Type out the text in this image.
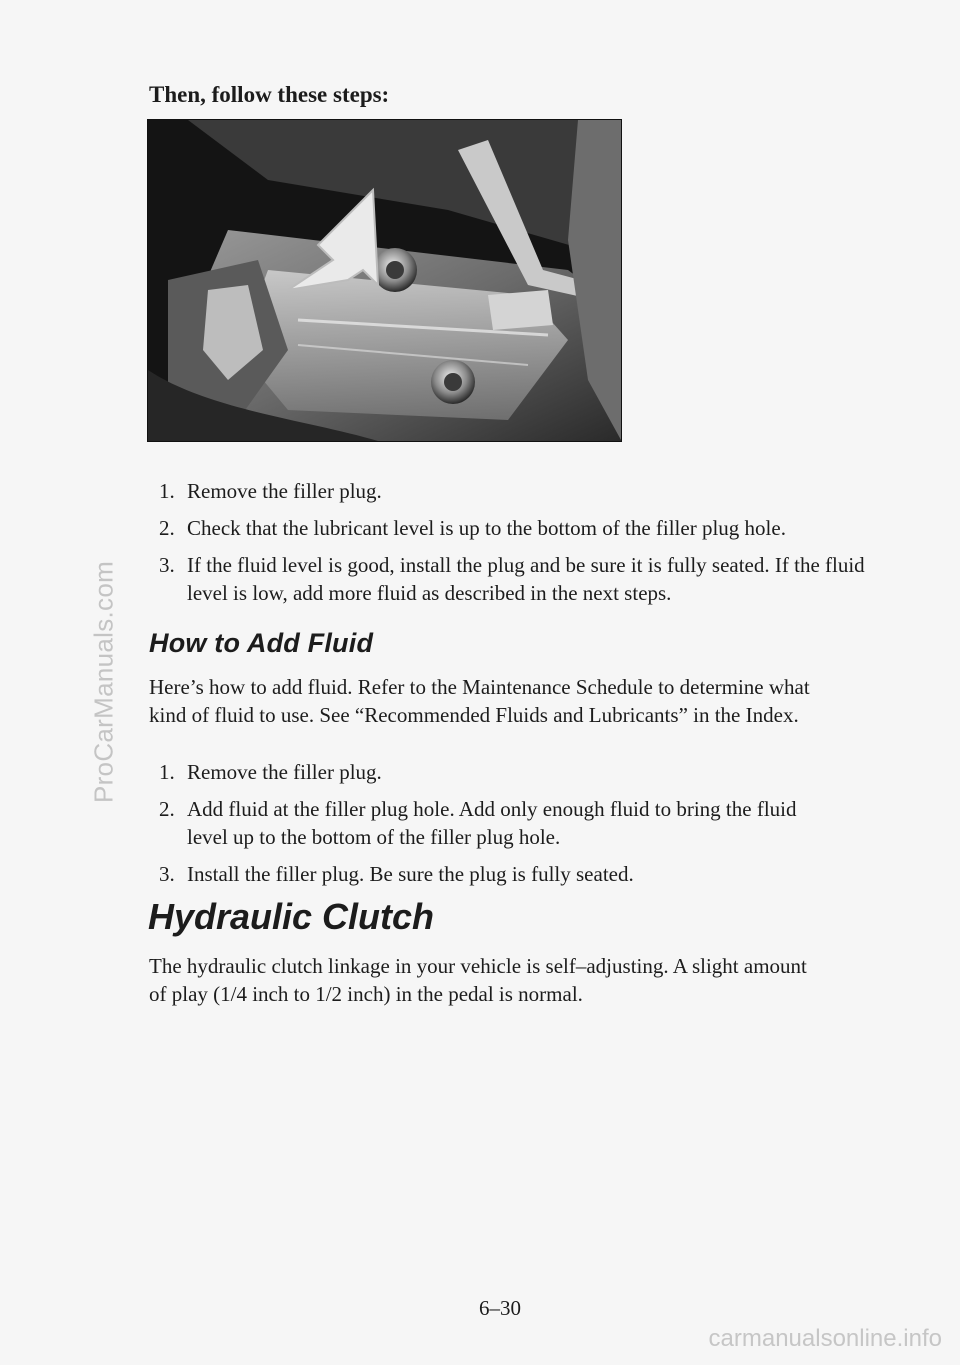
ProCarManuals.com

Then, follow these steps:

1. Remove the filler plug.
2. Check that the lubricant level is up to the bottom of the filler plug hole.
3. If the fluid level is good, install the plug and be sure it is fully seated. If the fluid level is low, add more fluid as described in the next steps.
How to Add Fluid

Here’s how to add fluid. Refer to the Maintenance Schedule to determine what kind of fluid to use. See “Recommended Fluids and Lubricants” in the Index.

1. Remove the filler plug.
2. Add fluid at the filler plug hole. Add only enough fluid to bring the fluid level up to the bottom of the filler plug hole.
3. Install the filler plug. Be sure the plug is fully seated.
Hydraulic Clutch

The hydraulic clutch linkage in your vehicle is self–adjusting. A slight amount of play (1/4 inch to 1/2 inch) in the pedal is normal.

6–30

carmanualsonline.info
